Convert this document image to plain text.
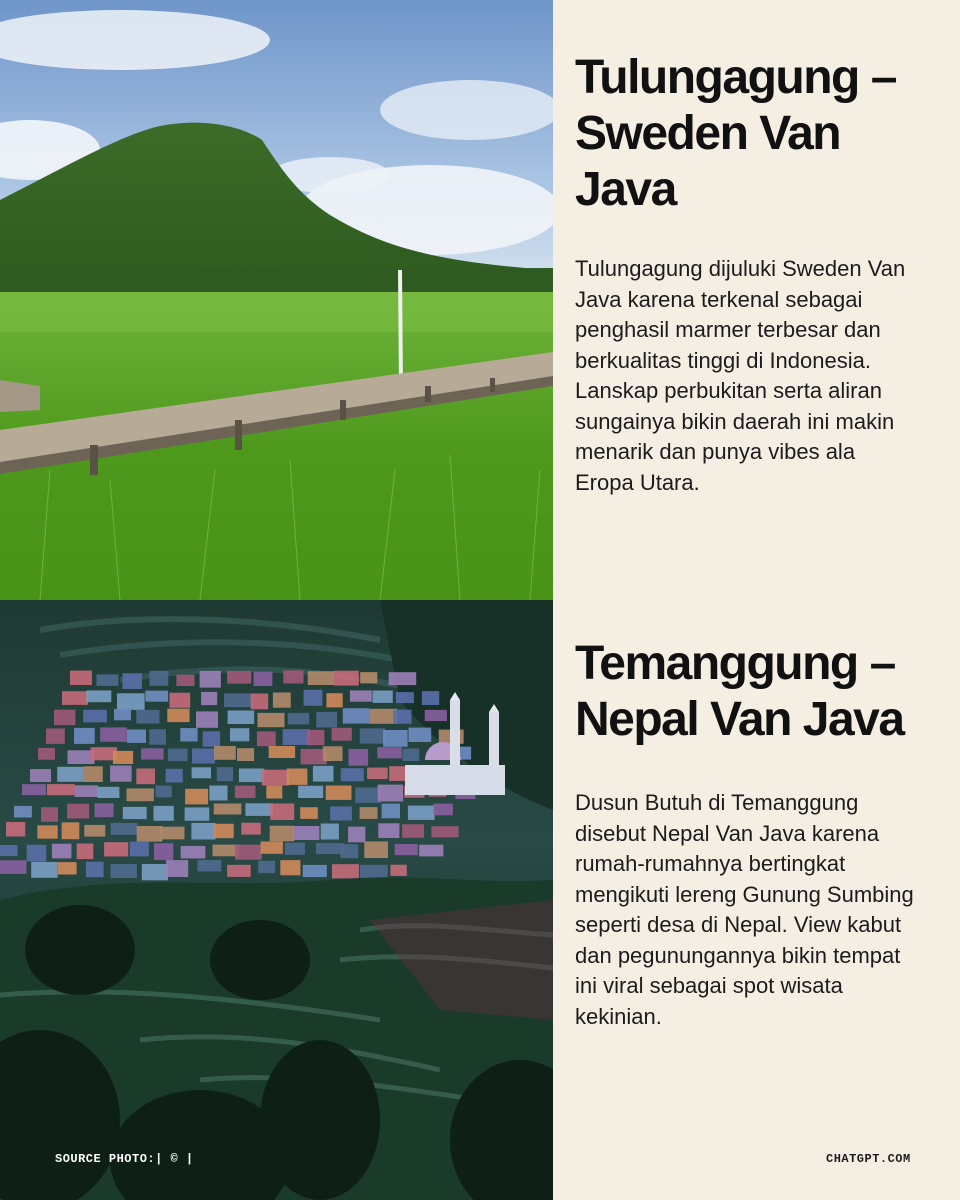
Tulungagung – Sweden Van Java

Tulungagung dijuluki Sweden Van Java karena terkenal sebagai penghasil marmer terbesar dan berkualitas tinggi di Indonesia. Lanskap perbukitan serta aliran sungainya bikin daerah ini makin menarik dan punya vibes ala Eropa Utara.

Temanggung – Nepal Van Java

Dusun Butuh di Temanggung disebut Nepal Van Java karena rumah-rumahnya bertingkat mengikuti lereng Gunung Sumbing seperti desa di Nepal. View kabut dan pegunungannya bikin tempat ini viral sebagai spot wisata kekinian.

SOURCE PHOTO:| © |	CHATGPT.COM
